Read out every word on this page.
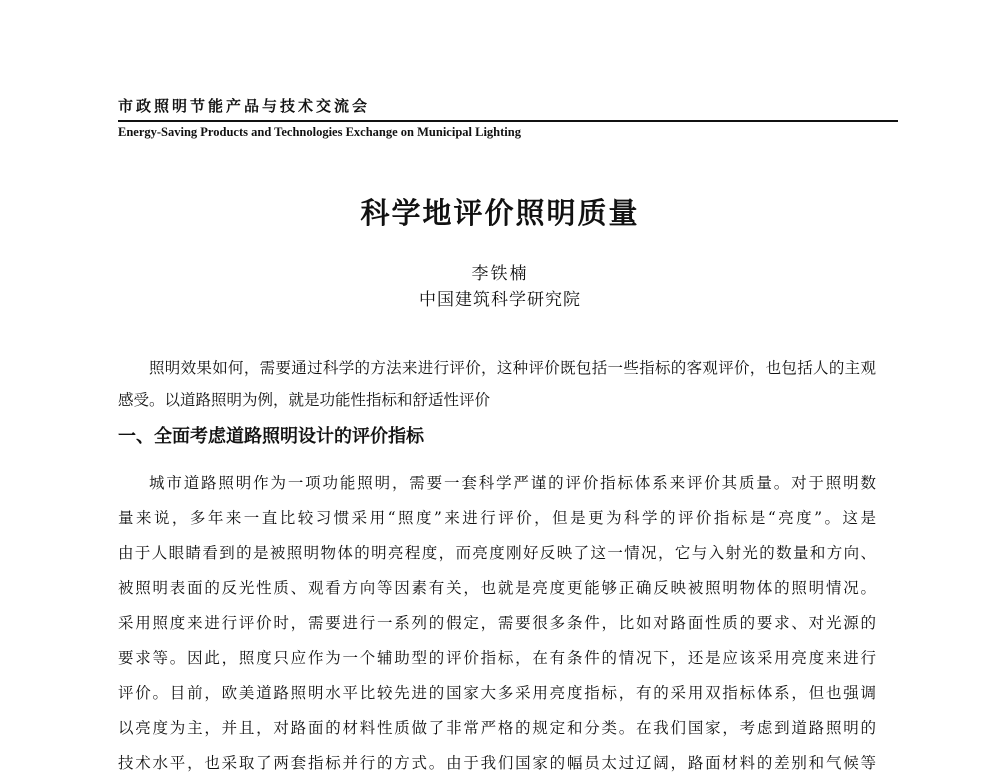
市政照明节能产品与技术交流会
Energy-Saving Products and Technologies Exchange on Municipal Lighting
科学地评价照明质量
李铁楠
中国建筑科学研究院
照明效果如何，需要通过科学的方法来进行评价，这种评价既包括一些指标的客观评价，也包括人的主观感受。以道路照明为例，就是功能性指标和舒适性评价
一、全面考虑道路照明设计的评价指标
城市道路照明作为一项功能照明，需要一套科学严谨的评价指标体系来评价其质量。对于照明数
量来说，多年来一直比较习惯采用“照度”来进行评价，但是更为科学的评价指标是“亮度”。这是
由于人眼睛看到的是被照明物体的明亮程度，而亮度刚好反映了这一情况，它与入射光的数量和方向、
被照明表面的反光性质、观看方向等因素有关，也就是亮度更能够正确反映被照明物体的照明情况。
采用照度来进行评价时，需要进行一系列的假定，需要很多条件，比如对路面性质的要求、对光源的
要求等。因此，照度只应作为一个辅助型的评价指标，在有条件的情况下，还是应该采用亮度来进行
评价。目前，欧美道路照明水平比较先进的国家大多采用亮度指标，有的采用双指标体系，但也强调
以亮度为主，并且，对路面的材料性质做了非常严格的规定和分类。在我们国家，考虑到道路照明的
技术水平，也采取了两套指标并行的方式。由于我们国家的幅员太过辽阔，路面材料的差别和气候等
